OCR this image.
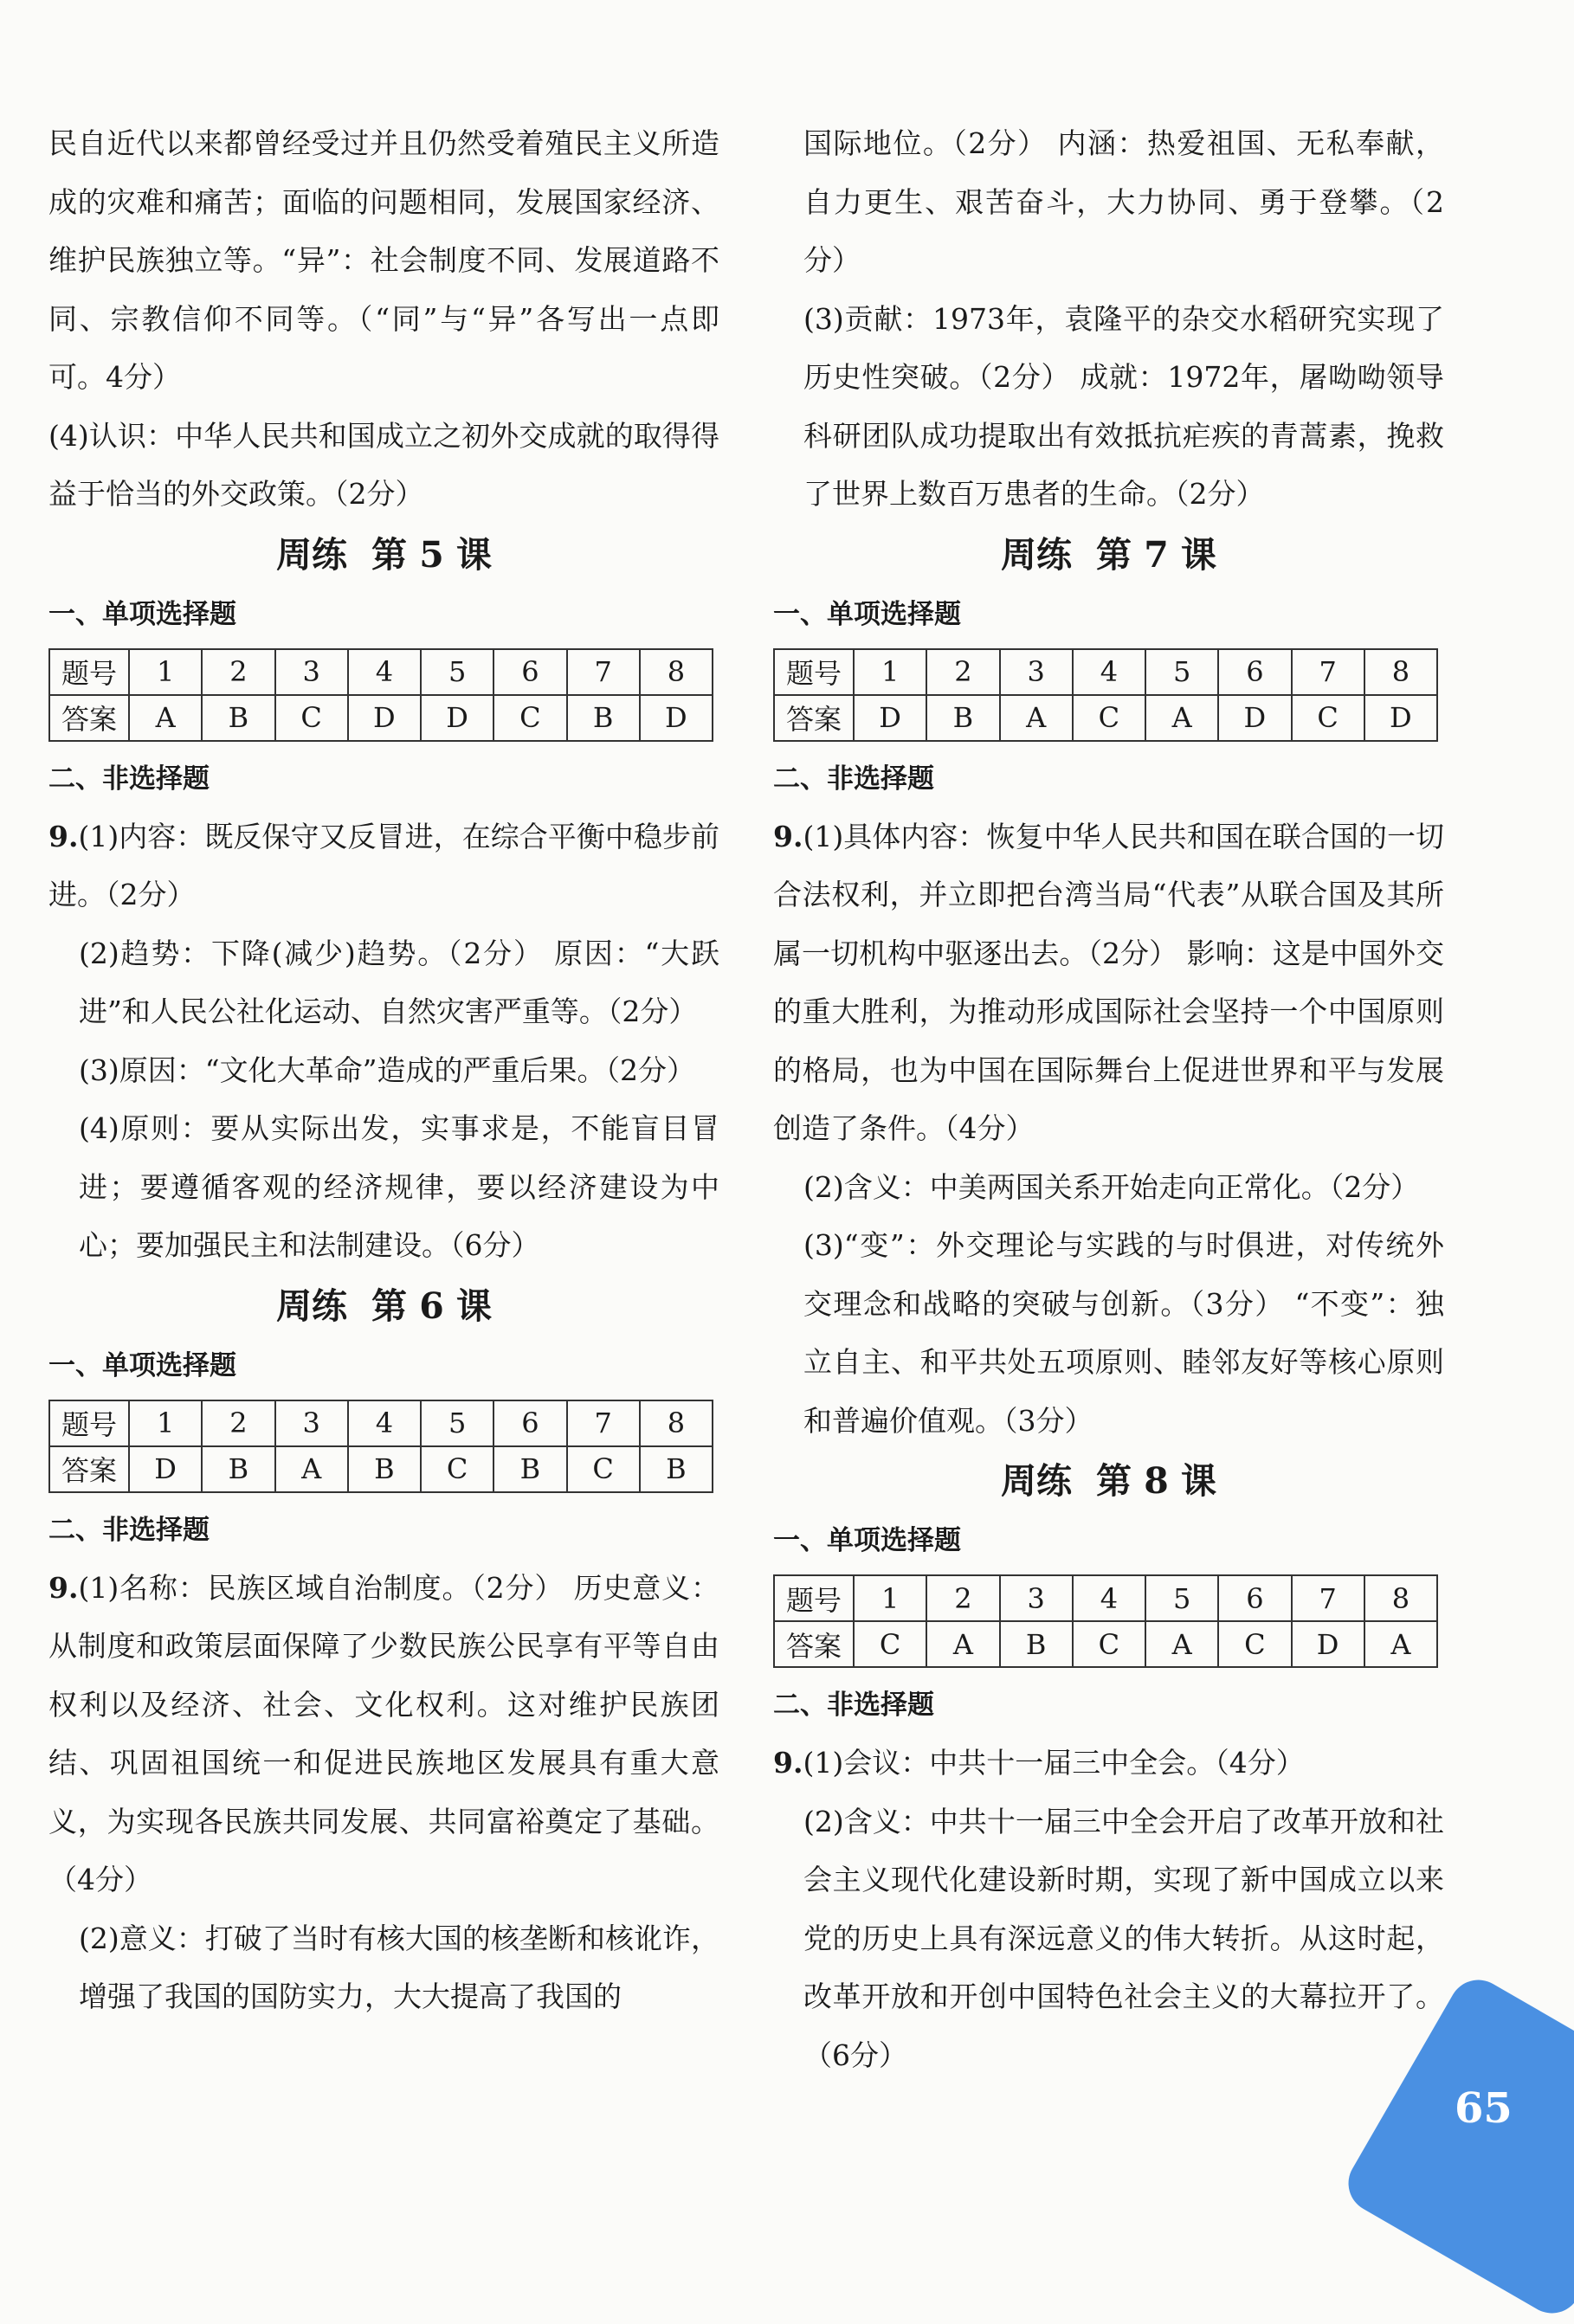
民自近代以来都曾经受过并且仍然受着殖民主义所造成的灾难和痛苦；面临的问题相同，发展国家经济、维护民族独立等。“异”：社会制度不同、发展道路不同、宗教信仰不同等。（“同”与“异”各写出一点即可。4分）

(4)认识：中华人民共和国成立之初外交成就的取得得益于恰当的外交政策。（2分）

周练 第 5 课
一、单项选择题
题号	1	2	3	4	5	6	7	8
答案	A	B	C	D	D	C	B	D
二、非选择题

9.(1)内容：既反保守又反冒进，在综合平衡中稳步前进。（2分）

(2)趋势：下降(减少)趋势。（2分） 原因：“大跃进”和人民公社化运动、自然灾害严重等。（2分）

(3)原因：“文化大革命”造成的严重后果。（2分）

(4)原则：要从实际出发，实事求是，不能盲目冒进；要遵循客观的经济规律，要以经济建设为中心；要加强民主和法制建设。（6分）

周练 第 6 课
一、单项选择题
题号	1	2	3	4	5	6	7	8
答案	D	B	A	B	C	B	C	B
二、非选择题

9.(1)名称：民族区域自治制度。（2分） 历史意义：从制度和政策层面保障了少数民族公民享有平等自由权利以及经济、社会、文化权利。这对维护民族团结、巩固祖国统一和促进民族地区发展具有重大意义，为实现各民族共同发展、共同富裕奠定了基础。（4分）

(2)意义：打破了当时有核大国的核垄断和核讹诈，增强了我国的国防实力，大大提高了我国的

国际地位。（2分） 内涵：热爱祖国、无私奉献，自力更生、艰苦奋斗，大力协同、勇于登攀。（2分）

(3)贡献：1973年，袁隆平的杂交水稻研究实现了历史性突破。（2分） 成就：1972年，屠呦呦领导科研团队成功提取出有效抵抗疟疾的青蒿素，挽救了世界上数百万患者的生命。（2分）

周练 第 7 课
一、单项选择题
题号	1	2	3	4	5	6	7	8
答案	D	B	A	C	A	D	C	D
二、非选择题

9.(1)具体内容：恢复中华人民共和国在联合国的一切合法权利，并立即把台湾当局“代表”从联合国及其所属一切机构中驱逐出去。（2分） 影响：这是中国外交的重大胜利，为推动形成国际社会坚持一个中国原则的格局，也为中国在国际舞台上促进世界和平与发展创造了条件。（4分）

(2)含义：中美两国关系开始走向正常化。（2分）

(3)“变”：外交理论与实践的与时俱进，对传统外交理念和战略的突破与创新。（3分） “不变”：独立自主、和平共处五项原则、睦邻友好等核心原则和普遍价值观。（3分）

周练 第 8 课
一、单项选择题
题号	1	2	3	4	5	6	7	8
答案	C	A	B	C	A	C	D	A
二、非选择题

9.(1)会议：中共十一届三中全会。（4分）

(2)含义：中共十一届三中全会开启了改革开放和社会主义现代化建设新时期，实现了新中国成立以来党的历史上具有深远意义的伟大转折。从这时起，改革开放和开创中国特色社会主义的大幕拉开了。（6分）

65
